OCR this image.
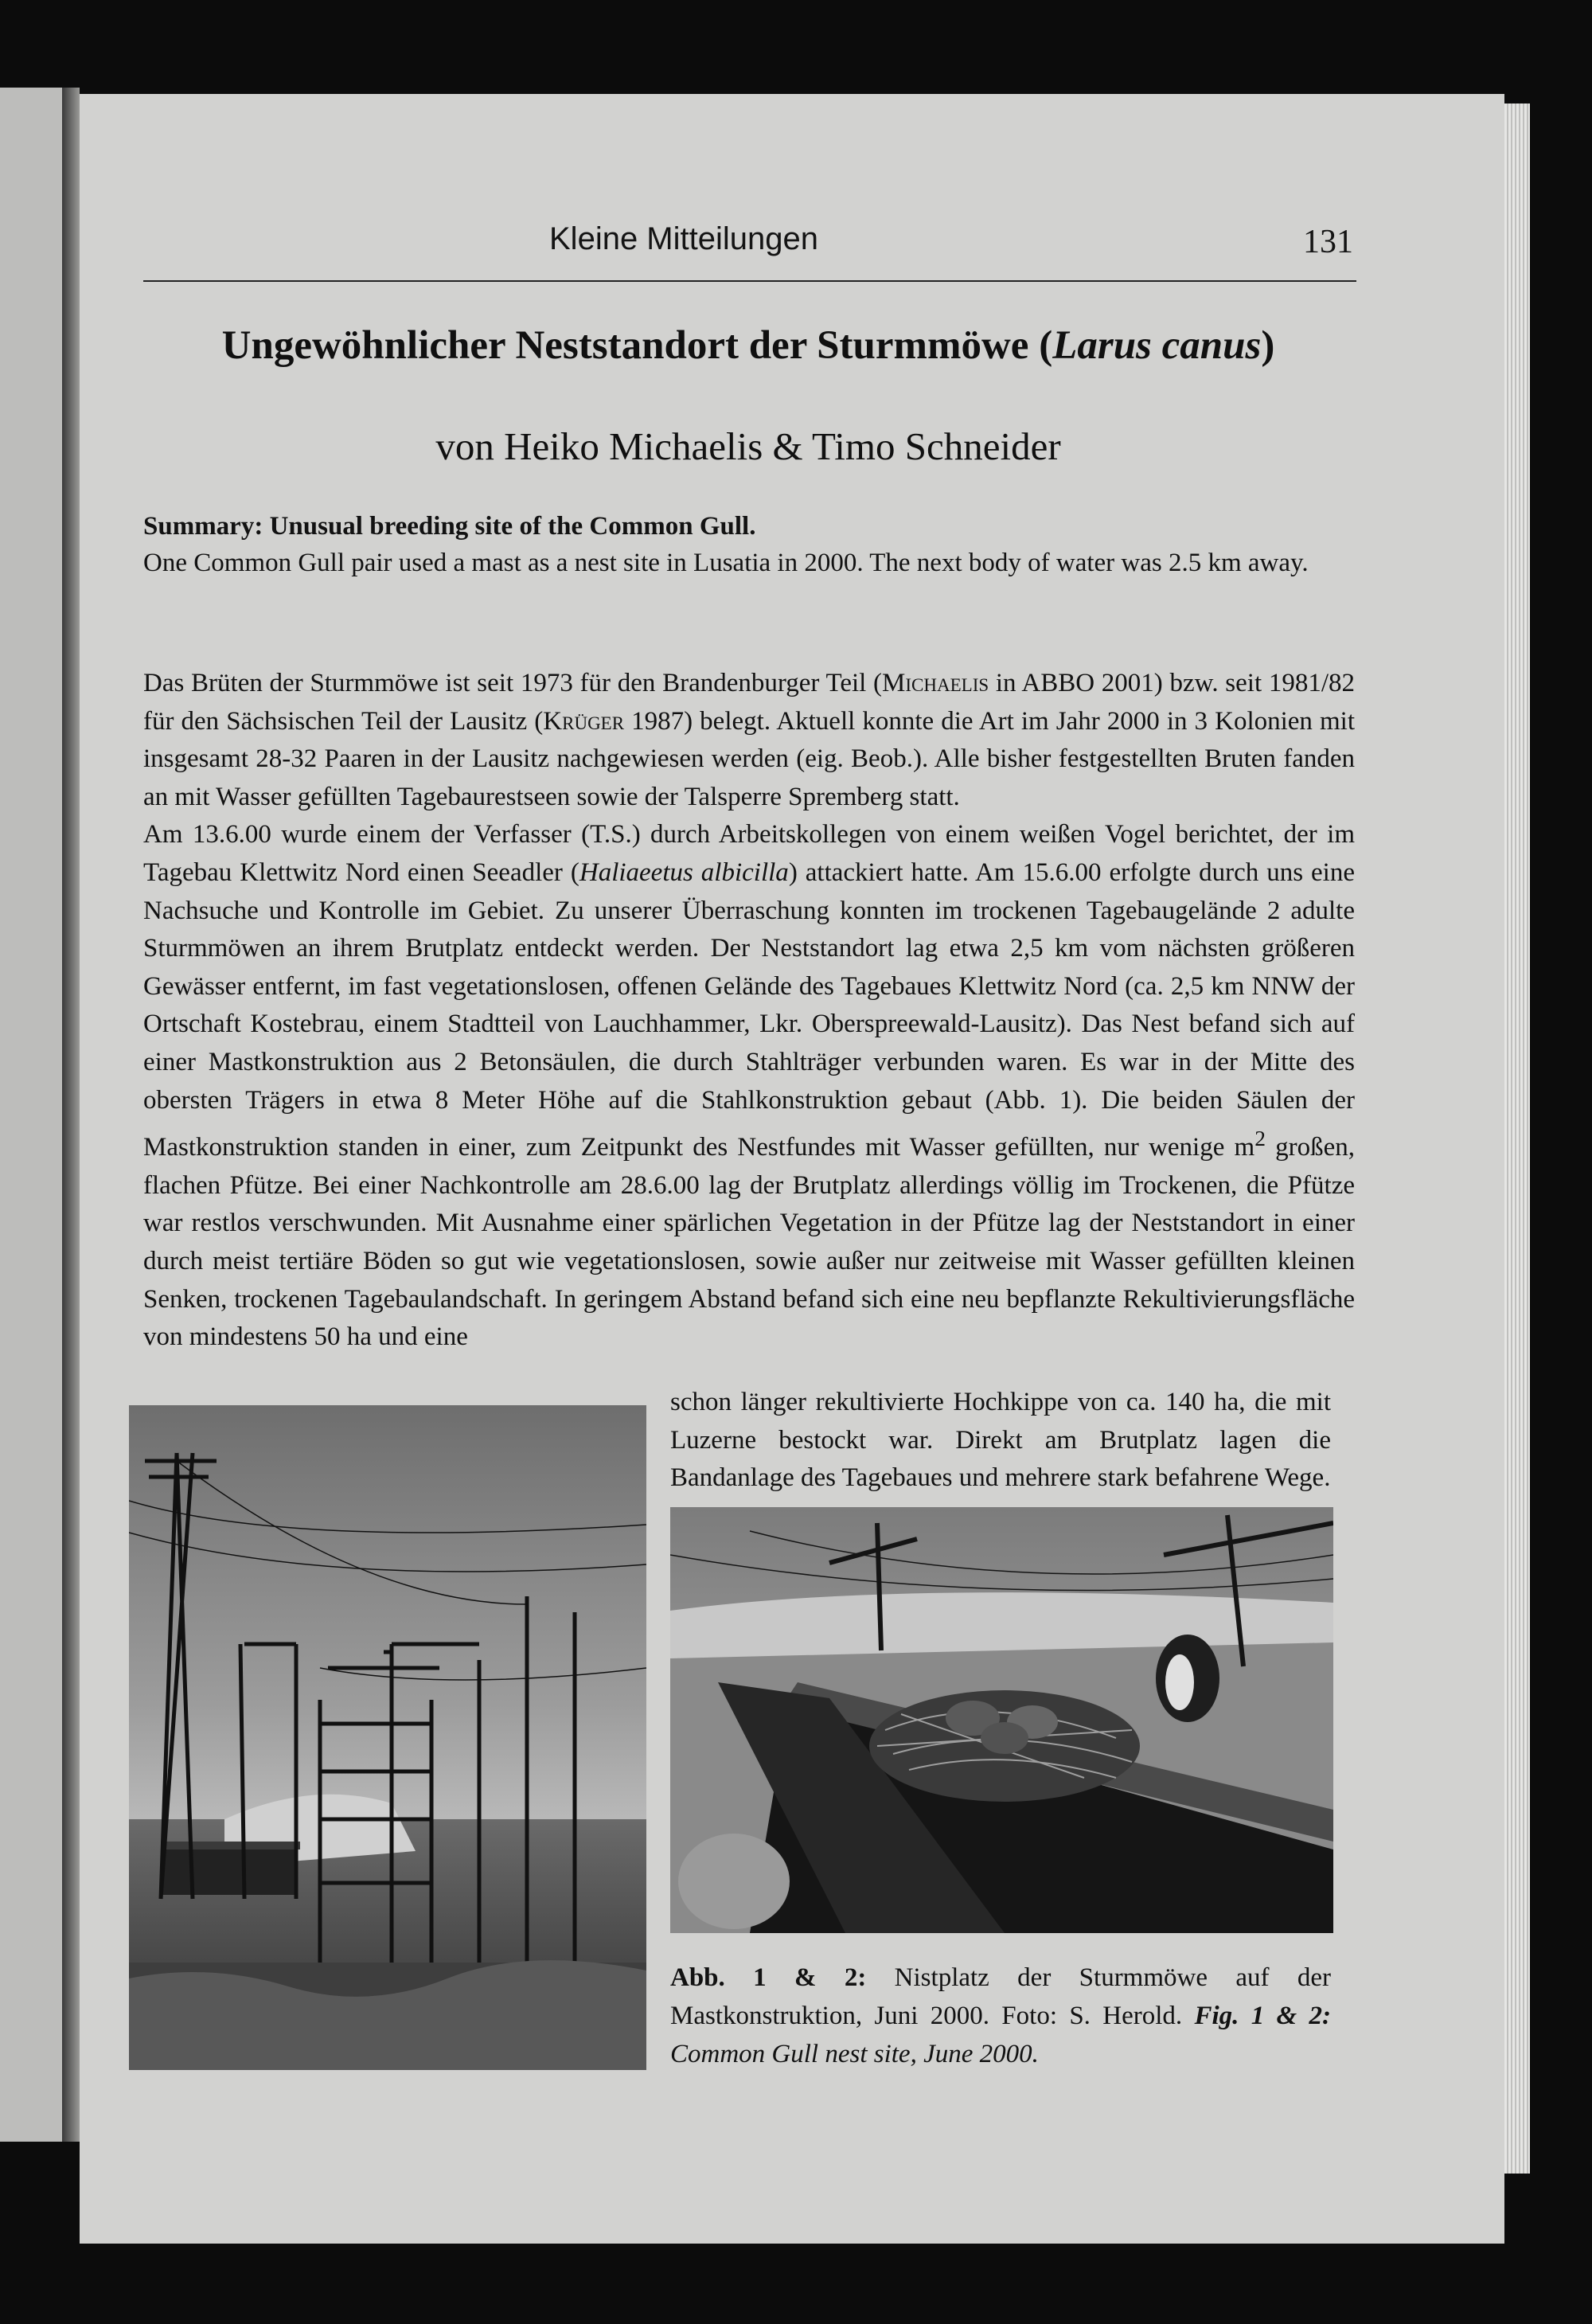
Kleine Mitteilungen	131
Ungewöhnlicher Neststandort der Sturmmöwe (Larus canus)
von Heiko Michaelis & Timo Schneider
Summary: Unusual breeding site of the Common Gull.
One Common Gull pair used a mast as a nest site in Lusatia in 2000. The next body of water was 2.5 km away.

Das Brüten der Sturmmöwe ist seit 1973 für den Brandenburger Teil (Michaelis in ABBO 2001) bzw. seit 1981/82 für den Sächsischen Teil der Lausitz (Krüger 1987) belegt. Aktuell konnte die Art im Jahr 2000 in 3 Kolonien mit insgesamt 28-32 Paaren in der Lausitz nachgewiesen werden (eig. Beob.). Alle bisher festgestellten Bruten fanden an mit Wasser gefüllten Tagebaurestseen sowie der Talsperre Spremberg statt.

Am 13.6.00 wurde einem der Verfasser (T.S.) durch Arbeitskollegen von einem weißen Vogel berichtet, der im Tagebau Klettwitz Nord einen Seeadler (Haliaeetus albicilla) attackiert hatte. Am 15.6.00 erfolgte durch uns eine Nachsuche und Kontrolle im Gebiet. Zu unserer Überraschung konnten im trockenen Tagebaugelände 2 adulte Sturmmöwen an ihrem Brutplatz entdeckt werden. Der Neststandort lag etwa 2,5 km vom nächsten größeren Gewässer entfernt, im fast vegetationslosen, offenen Gelände des Tagebaues Klettwitz Nord (ca. 2,5 km NNW der Ortschaft Kostebrau, einem Stadtteil von Lauchhammer, Lkr. Oberspreewald-Lausitz). Das Nest befand sich auf einer Mastkonstruktion aus 2 Betonsäulen, die durch Stahlträger verbunden waren. Es war in der Mitte des obersten Trägers in etwa 8 Meter Höhe auf die Stahlkonstruktion gebaut (Abb. 1). Die beiden Säulen der Mastkonstruktion standen in einer, zum Zeitpunkt des Nestfundes mit Wasser gefüllten, nur wenige $m^2$ großen, flachen Pfütze. Bei einer Nachkontrolle am 28.6.00 lag der Brutplatz allerdings völlig im Trockenen, die Pfütze war restlos verschwunden. Mit Ausnahme einer spärlichen Vegetation in der Pfütze lag der Neststandort in einer durch meist tertiäre Böden so gut wie vegetationslosen, sowie außer nur zeitweise mit Wasser gefüllten kleinen Senken, trockenen Tagebaulandschaft. In geringem Abstand befand sich eine neu bepflanzte Rekultivierungsfläche von mindestens 50 ha und eine

schon länger rekultivierte Hochkippe von ca. 140 ha, die mit Luzerne bestockt war. Direkt am Brutplatz lagen die Bandanlage des Tagebaues und mehrere stark befahrene Wege.
Abb. 1 & 2: Nistplatz der Sturmmöwe auf der Mastkonstruktion, Juni 2000. Foto: S. Herold. Fig. 1 & 2: Common Gull nest site, June 2000.
